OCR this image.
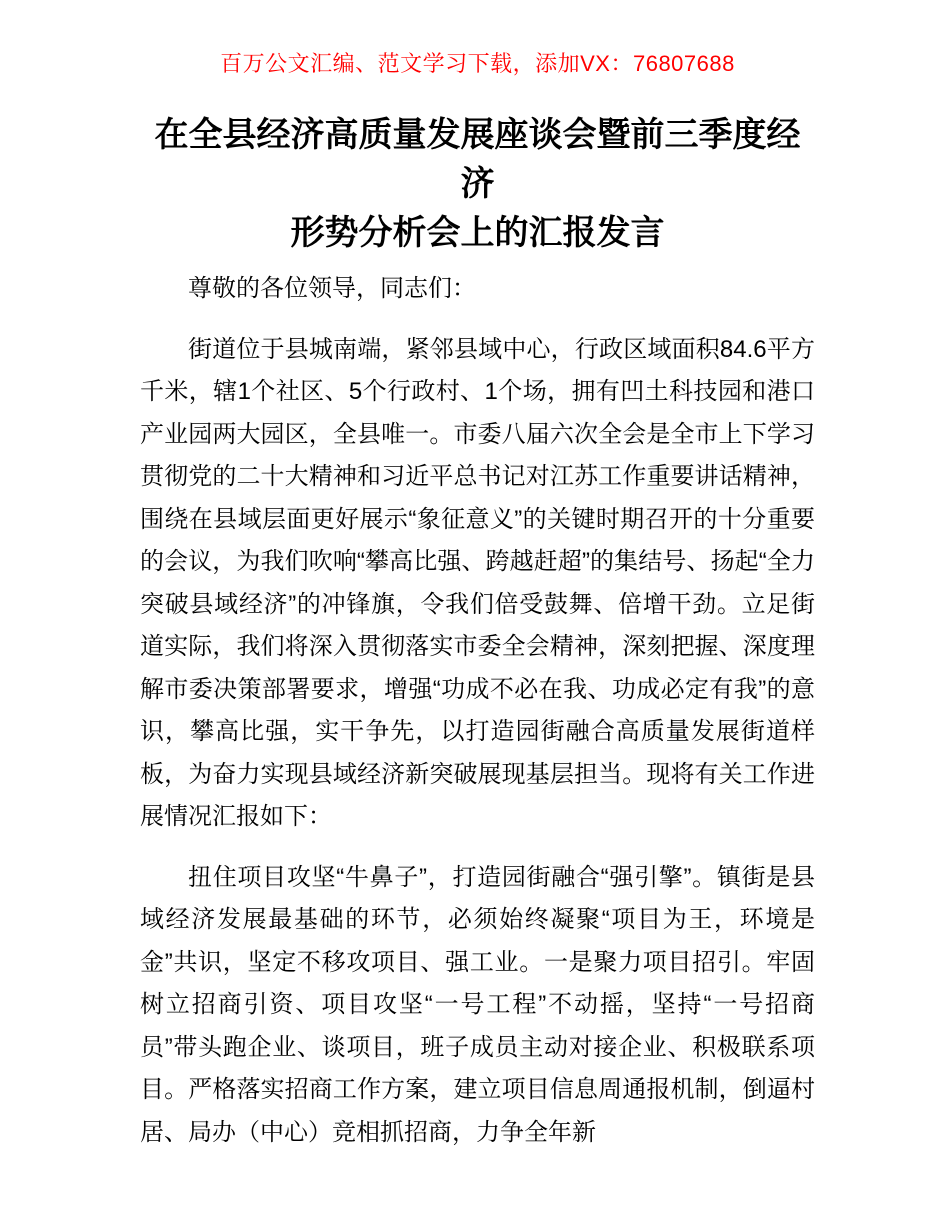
百万公文汇编、范文学习下载，添加VX：76807688
在全县经济高质量发展座谈会暨前三季度经济
形势分析会上的汇报发言

尊敬的各位领导，同志们：

街道位于县城南端，紧邻县域中心，行政区域面积84.6平方千米，辖1个社区、5个行政村、1个场，拥有凹土科技园和港口产业园两大园区，全县唯一。市委八届六次全会是全市上下学习贯彻党的二十大精神和习近平总书记对江苏工作重要讲话精神，围绕在县域层面更好展示“象征意义”的关键时期召开的十分重要的会议，为我们吹响“攀高比强、跨越赶超”的集结号、扬起“全力突破县域经济”的冲锋旗，令我们倍受鼓舞、倍增干劲。立足街道实际，我们将深入贯彻落实市委全会精神，深刻把握、深度理解市委决策部署要求，增强“功成不必在我、功成必定有我”的意识，攀高比强，实干争先，以打造园街融合高质量发展街道样板，为奋力实现县域经济新突破展现基层担当。现将有关工作进展情况汇报如下：

扭住项目攻坚“牛鼻子”，打造园街融合“强引擎”。镇街是县域经济发展最基础的环节，必须始终凝聚“项目为王，环境是金”共识，坚定不移攻项目、强工业。一是聚力项目招引。牢固树立招商引资、项目攻坚“一号工程”不动摇，坚持“一号招商员”带头跑企业、谈项目，班子成员主动对接企业、积极联系项目。严格落实招商工作方案，建立项目信息周通报机制，倒逼村居、局办（中心）竞相抓招商，力争全年新
